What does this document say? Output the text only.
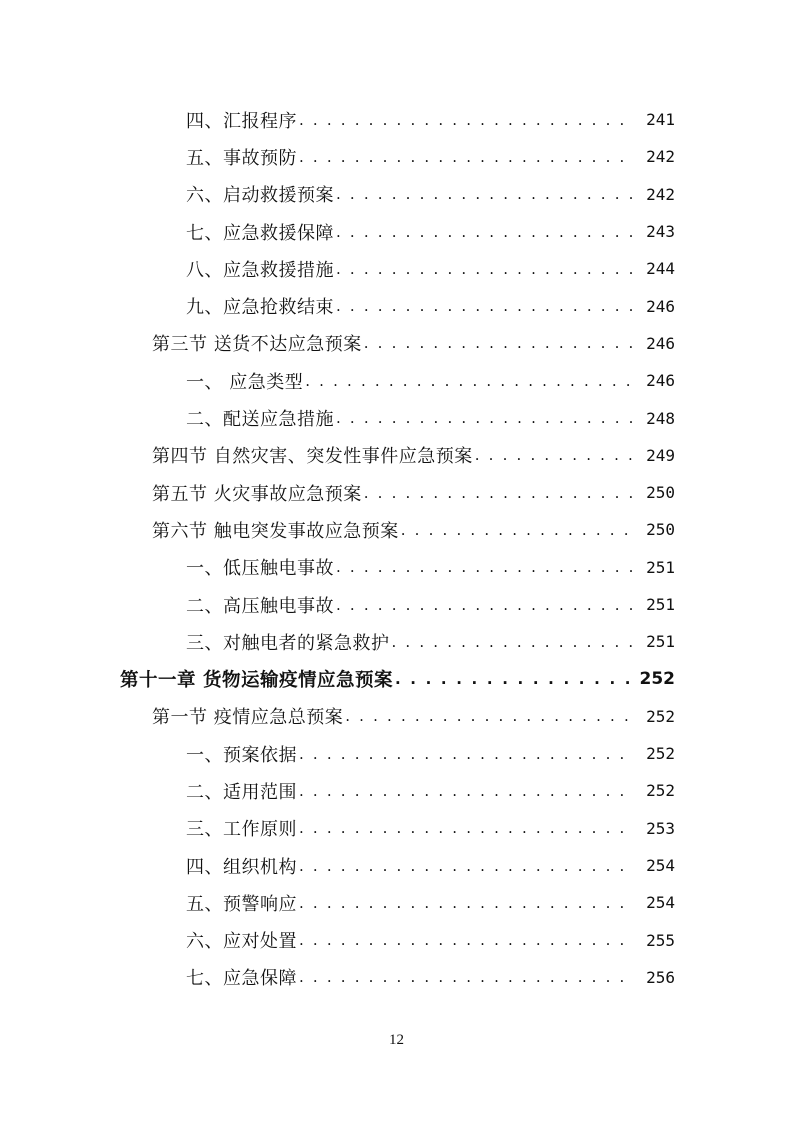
四、汇报程序 . . .	241
五、事故预防 . . .	242
六、启动救援预案 . . .	242
七、应急救援保障 . . .	243
八、应急救援措施 . . .	244
九、应急抢救结束 . . .	246
第三节 送货不达应急预案 . . .	246
一、 应急类型 . . .	246
二、配送应急措施 . . .	248
第四节 自然灾害、突发性事件应急预案 . . .	249
第五节 火灾事故应急预案 . . .	250
第六节 触电突发事故应急预案 . . .	250
一、低压触电事故 . . .	251
二、高压触电事故 . . .	251
三、对触电者的紧急救护 . . .	251
第十一章 货物运输疫情应急预案 . . .	252
第一节 疫情应急总预案 . . .	252
一、预案依据 . . .	252
二、适用范围 . . .	252
三、工作原则 . . .	253
四、组织机构 . . .	254
五、预警响应 . . .	254
六、应对处置 . . .	255
七、应急保障 . . .	256
12
